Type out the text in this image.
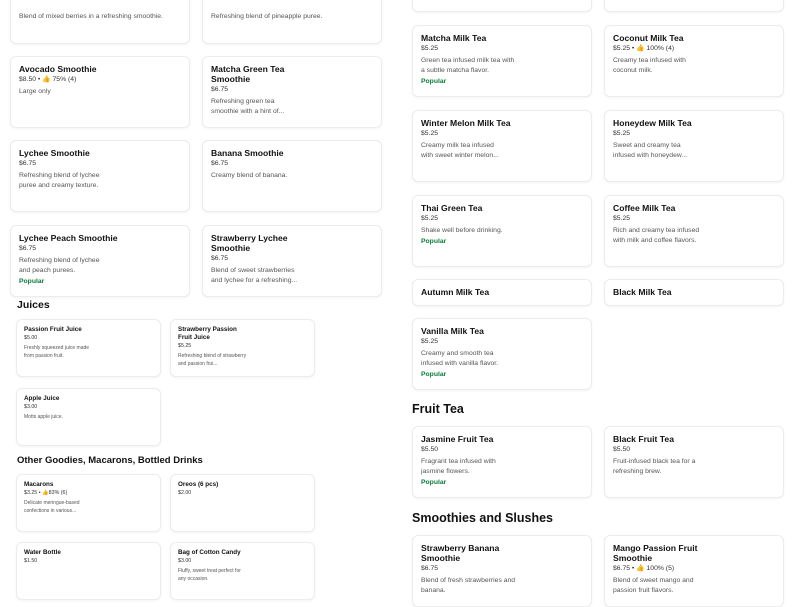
Blend of mixed berries in a refreshing smoothie.	Refreshing blend of pineapple puree.
Avocado Smoothie
$8.50 • 👍 75% (4)
Large only
Matcha Green Tea Smoothie
$6.75
Refreshing green tea smoothie with a hint of...
Lychee Smoothie
$6.75
Refreshing blend of lychee puree and creamy texture.
Banana Smoothie
$6.75
Creamy blend of banana.
Lychee Peach Smoothie
$6.75
Refreshing blend of lychee and peach purees.
Popular
Strawberry Lychee Smoothie
$6.75
Blend of sweet strawberries and lychee for a refreshing...
Juices
Passion Fruit Juice
$5.00
Freshly squeezed juice made from passion fruit.
Strawberry Passion Fruit Juice
$5.25
Refreshing blend of strawberry and passion frui...
Apple Juice
$3.00
Motts apple juice.
Other Goodies, Macarons, Bottled Drinks
Macarons
$3.25 • 👍83% (6)
Delicate meringue-based confections in various...
Oreos (6 pcs)
$2.00
Water Bottle
$1.50
Bag of Cotton Candy
$3.00
Fluffy, sweet treat perfect for any occasion.
Matcha Milk Tea
$5.25
Green tea infused milk tea with a subtle matcha flavor.
Popular
Coconut Milk Tea
$5.25 • 👍 100% (4)
Creamy tea infused with coconut milk.
Winter Melon Milk Tea
$5.25
Creamy milk tea infused with sweet winter melon...
Honeydew Milk Tea
$5.25
Sweet and creamy tea infused with honeydew...
Thai Green Tea
$5.25
Shake well before drinking.
Popular
Coffee Milk Tea
$5.25
Rich and creamy tea infused with milk and coffee flavors.
Autumn Milk Tea	Black Milk Tea
Vanilla Milk Tea
$5.25
Creamy and smooth tea infused with vanilla flavor.
Popular
Fruit Tea
Jasmine Fruit Tea
$5.50
Fragrant tea infused with jasmine flowers.
Popular
Black Fruit Tea
$5.50
Fruit-infused black tea for a refreshing brew.
Smoothies and Slushes
Strawberry Banana Smoothie
$6.75
Blend of fresh strawberries and banana.
Mango Passion Fruit Smoothie
$6.75 • 👍 100% (5)
Blend of sweet mango and passion fruit flavors.
